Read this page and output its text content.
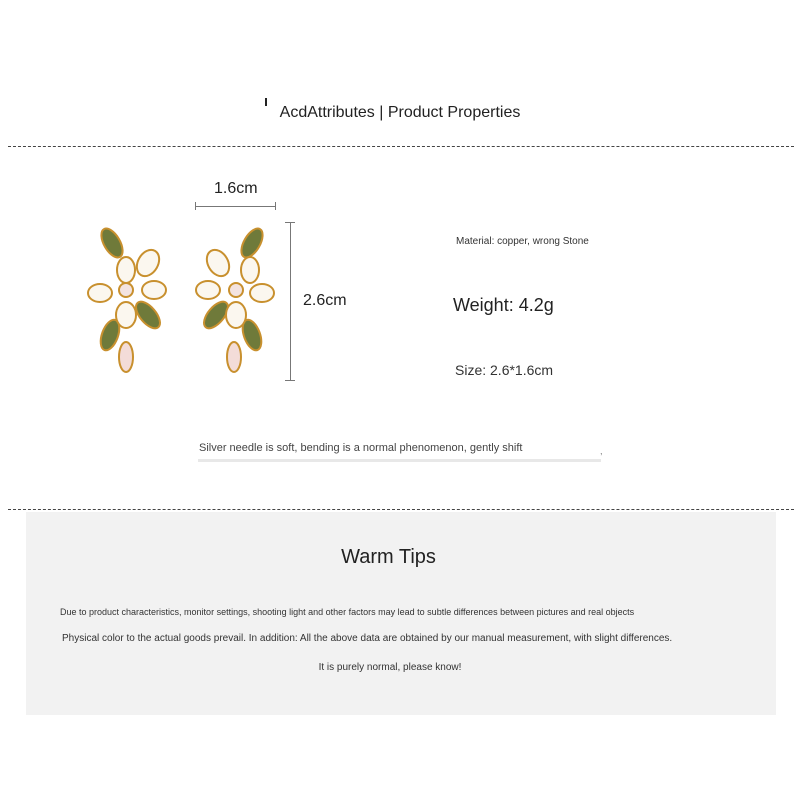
AcdAttributes | Product Properties
1.6cm
2.6cm
Material: copper, wrong Stone
Weight: 4.2g
Size: 2.6*1.6cm
Silver needle is soft, bending is a normal phenomenon, gently shift	,
Warm Tips
Due to product characteristics, monitor settings, shooting light and other factors may lead to subtle differences between pictures and real objects
Physical color to the actual goods prevail. In addition: All the above data are obtained by our manual measurement, with slight differences.
It is purely normal, please know!
